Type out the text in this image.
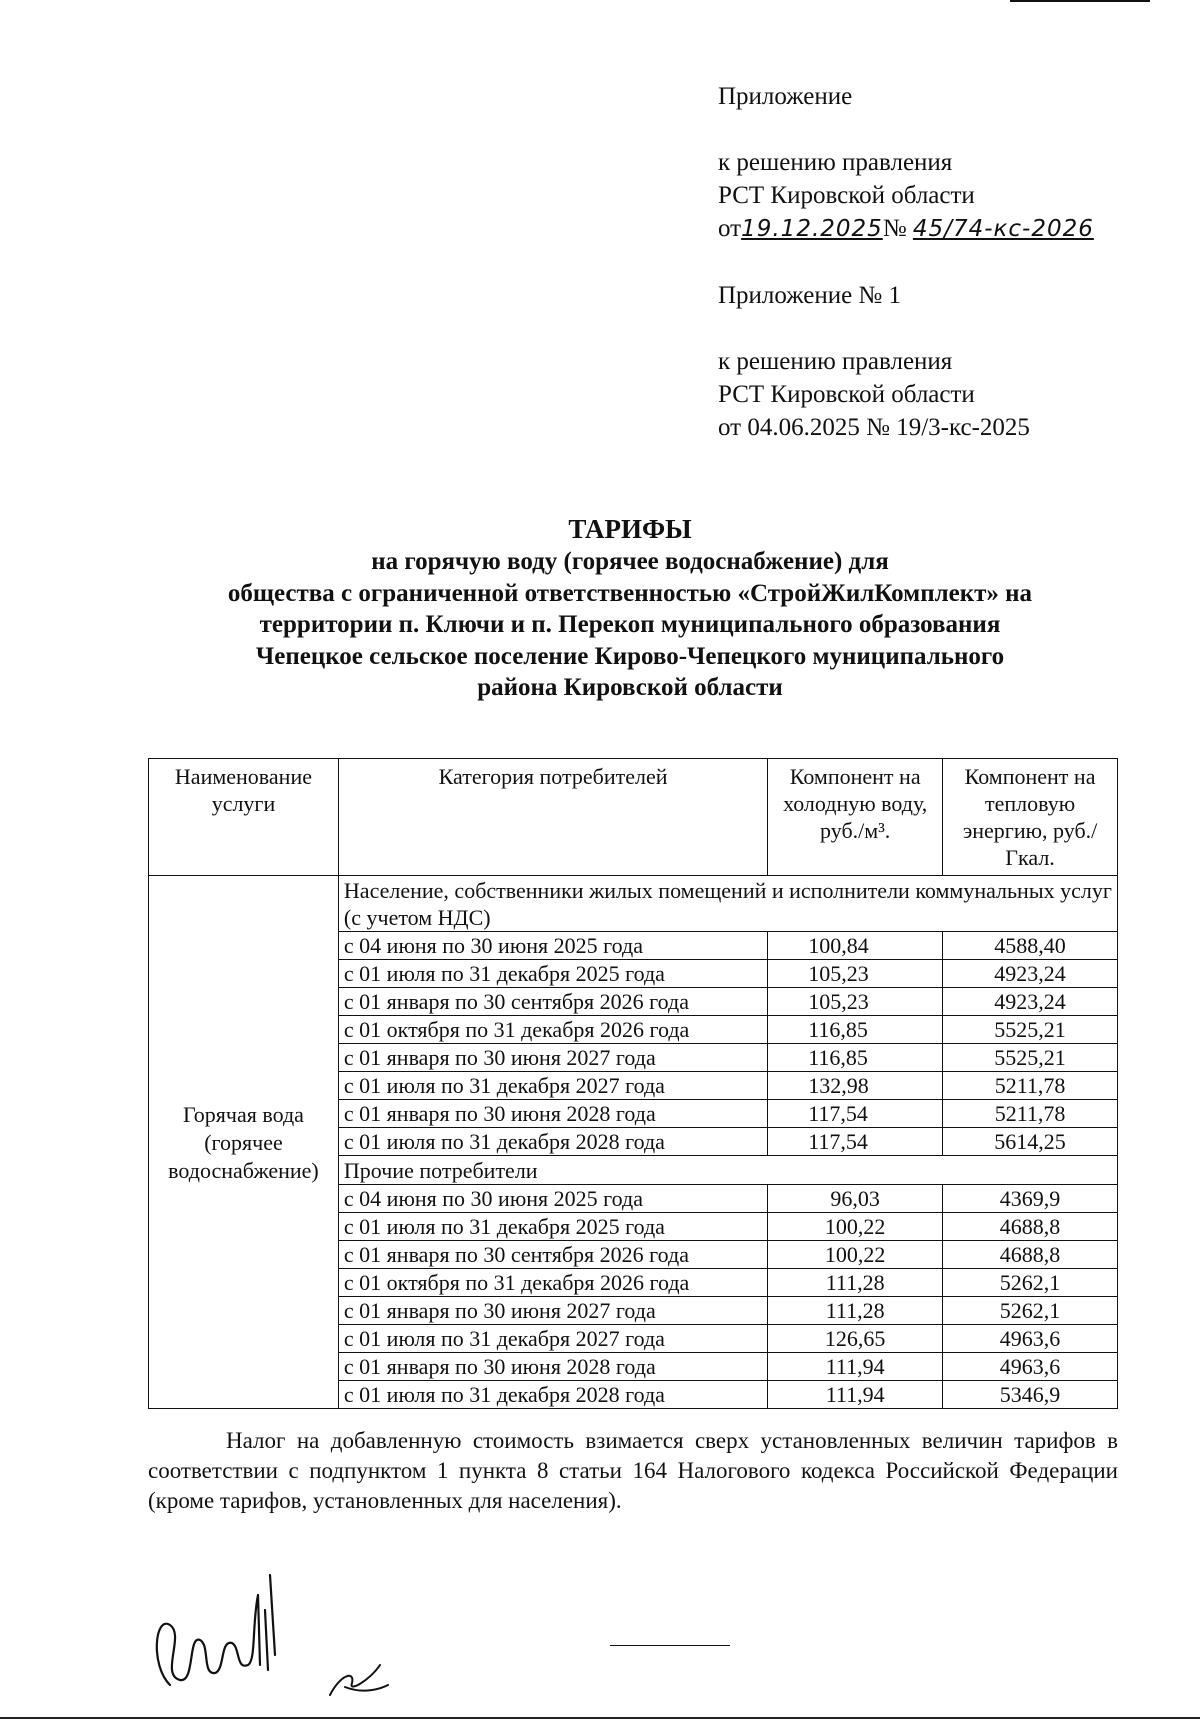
Приложение
к решению правления
РСТ Кировской области
от19.12.2025№ 45/74-кс-2026
Приложение № 1
к решению правления
РСТ Кировской области
от 04.06.2025 № 19/3-кс-2025
ТАРИФЫ
на горячую воду (горячее водоснабжение) для
общества с ограниченной ответственностью «СтройЖилКомплект» на
территории п. Ключи и п. Перекоп муниципального образования
Чепецкое сельское поселение Кирово-Чепецкого муниципального
района Кировской области
Наименование услуги	Категория потребителей	Компонент на холодную воду, руб./м³.	Компонент на тепловую энергию, руб./Гкал.
Горячая вода (горячее водоснабжение)	Население, собственники жилых помещений и исполнители коммунальных услуг (с учетом НДС)		
	с 04 июня по 30 июня 2025 года	100,84	4588,40
	с 01 июля по 31 декабря 2025 года	105,23	4923,24
	с 01 января по 30 сентября 2026 года	105,23	4923,24
	с 01 октября по 31 декабря 2026 года	116,85	5525,21
	с 01 января по 30 июня 2027 года	116,85	5525,21
	с 01 июля по 31 декабря 2027 года	132,98	5211,78
	с 01 января по 30 июня 2028 года	117,54	5211,78
	с 01 июля по 31 декабря 2028 года	117,54	5614,25
	Прочие потребители		
	с 04 июня по 30 июня 2025 года	96,03	4369,9
	с 01 июля по 31 декабря 2025 года	100,22	4688,8
	с 01 января по 30 сентября 2026 года	100,22	4688,8
	с 01 октября по 31 декабря 2026 года	111,28	5262,1
	с 01 января по 30 июня 2027 года	111,28	5262,1
	с 01 июля по 31 декабря 2027 года	126,65	4963,6
	с 01 января по 30 июня 2028 года	111,94	4963,6
	с 01 июля по 31 декабря 2028 года	111,94	5346,9
Налог на добавленную стоимость взимается сверх установленных величин тарифов в соответствии с подпунктом 1 пункта 8 статьи 164 Налогового кодекса Российской Федерации (кроме тарифов, установленных для населения).
